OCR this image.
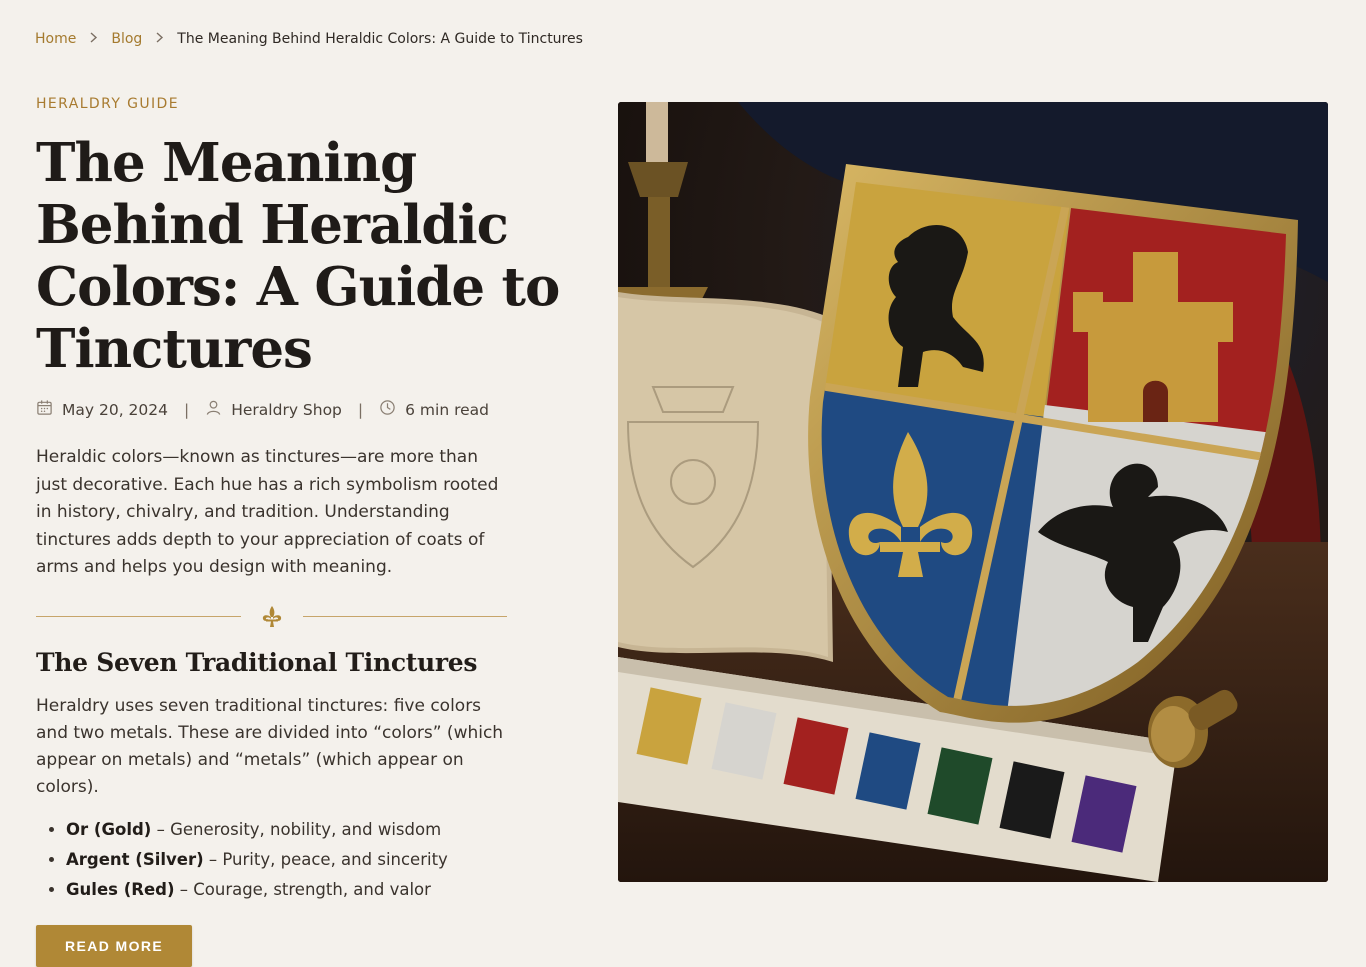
Home	Blog	The Meaning Behind Heraldic Colors: A Guide to Tinctures

HERALDRY GUIDE

The Meaning Behind Heraldic Colors: A Guide to Tinctures
May 20, 2024 |	Heraldry Shop |	6 min read

Heraldic colors—known as tinctures—are more than just decorative. Each hue has a rich symbolism rooted in history, chivalry, and tradition. Understanding tinctures adds depth to your appreciation of coats of arms and helps you design with meaning.

The Seven Traditional Tinctures

Heraldry uses seven traditional tinctures: five colors and two metals. These are divided into “colors” (which appear on metals) and “metals” (which appear on colors).

• Or (Gold) – Generosity, nobility, and wisdom
• Argent (Silver) – Purity, peace, and sincerity
• Gules (Red) – Courage, strength, and valor
READ MORE
